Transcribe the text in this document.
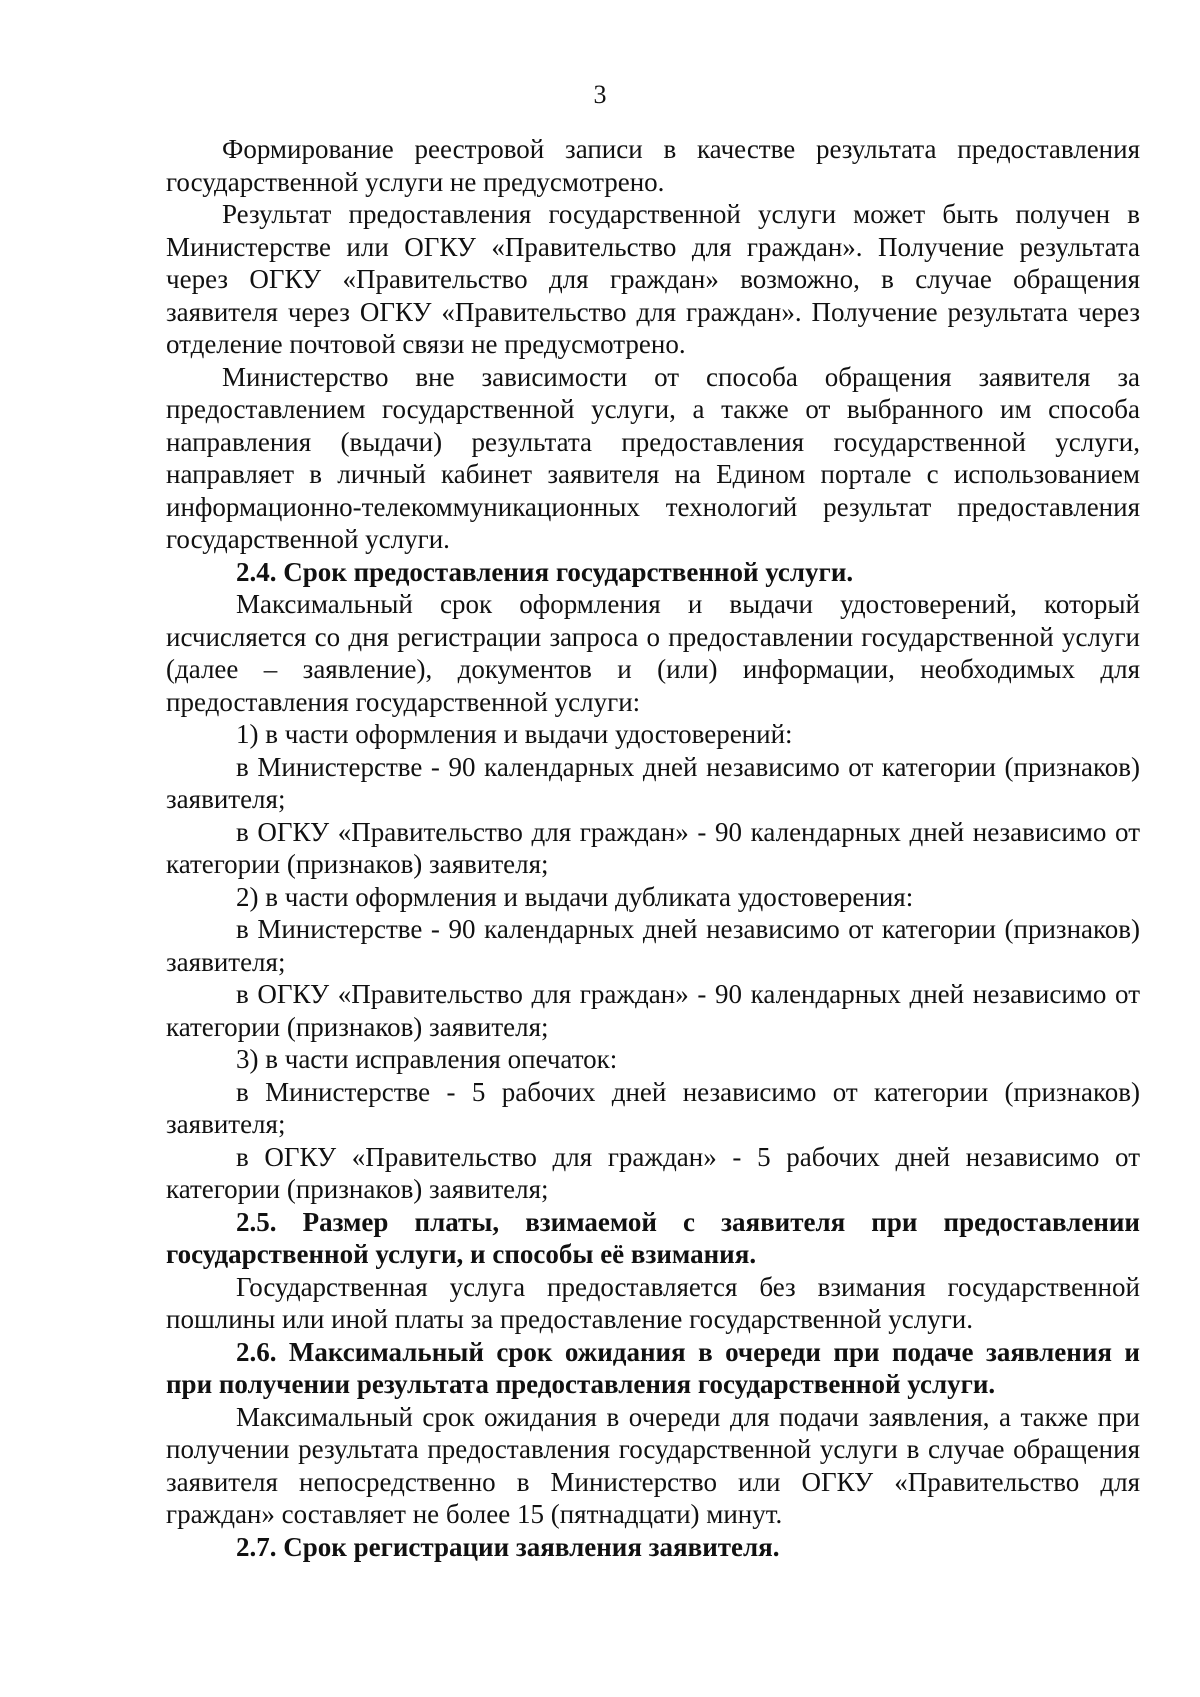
3

Формирование реестровой записи в качестве результата предоставления государственной услуги не предусмотрено.

Результат предоставления государственной услуги может быть получен в Министерстве или ОГКУ «Правительство для граждан». Получение результата через ОГКУ «Правительство для граждан» возможно, в случае обращения заявителя через ОГКУ «Правительство для граждан». Получение результата через отделение почтовой связи не предусмотрено.

Министерство вне зависимости от способа обращения заявителя за предоставлением государственной услуги, а также от выбранного им способа направления (выдачи) результата предоставления государственной услуги, направляет в личный кабинет заявителя на Едином портале с использованием информационно-телекоммуникационных технологий результат предоставления государственной услуги.

2.4. Срок предоставления государственной услуги.

Максимальный срок оформления и выдачи удостоверений, который исчисляется со дня регистрации запроса о предоставлении государственной услуги (далее – заявление), документов и (или) информации, необходимых для предоставления государственной услуги:

1) в части оформления и выдачи удостоверений:

в Министерстве - 90 календарных дней независимо от категории (признаков) заявителя;

в ОГКУ «Правительство для граждан» - 90 календарных дней независимо от категории (признаков) заявителя;

2) в части оформления и выдачи дубликата удостоверения:

в Министерстве - 90 календарных дней независимо от категории (признаков) заявителя;

в ОГКУ «Правительство для граждан» - 90 календарных дней независимо от категории (признаков) заявителя;

3) в части исправления опечаток:

в Министерстве - 5 рабочих дней независимо от категории (признаков) заявителя;

в ОГКУ «Правительство для граждан» - 5 рабочих дней независимо от категории (признаков) заявителя;

2.5. Размер платы, взимаемой с заявителя при предоставлении государственной услуги, и способы её взимания.

Государственная услуга предоставляется без взимания государственной пошлины или иной платы за предоставление государственной услуги.

2.6. Максимальный срок ожидания в очереди при подаче заявления и при получении результата предоставления государственной услуги.

Максимальный срок ожидания в очереди для подачи заявления, а также при получении результата предоставления государственной услуги в случае обращения заявителя непосредственно в Министерство или ОГКУ «Правительство для граждан» составляет не более 15 (пятнадцати) минут.

2.7. Срок регистрации заявления заявителя.
